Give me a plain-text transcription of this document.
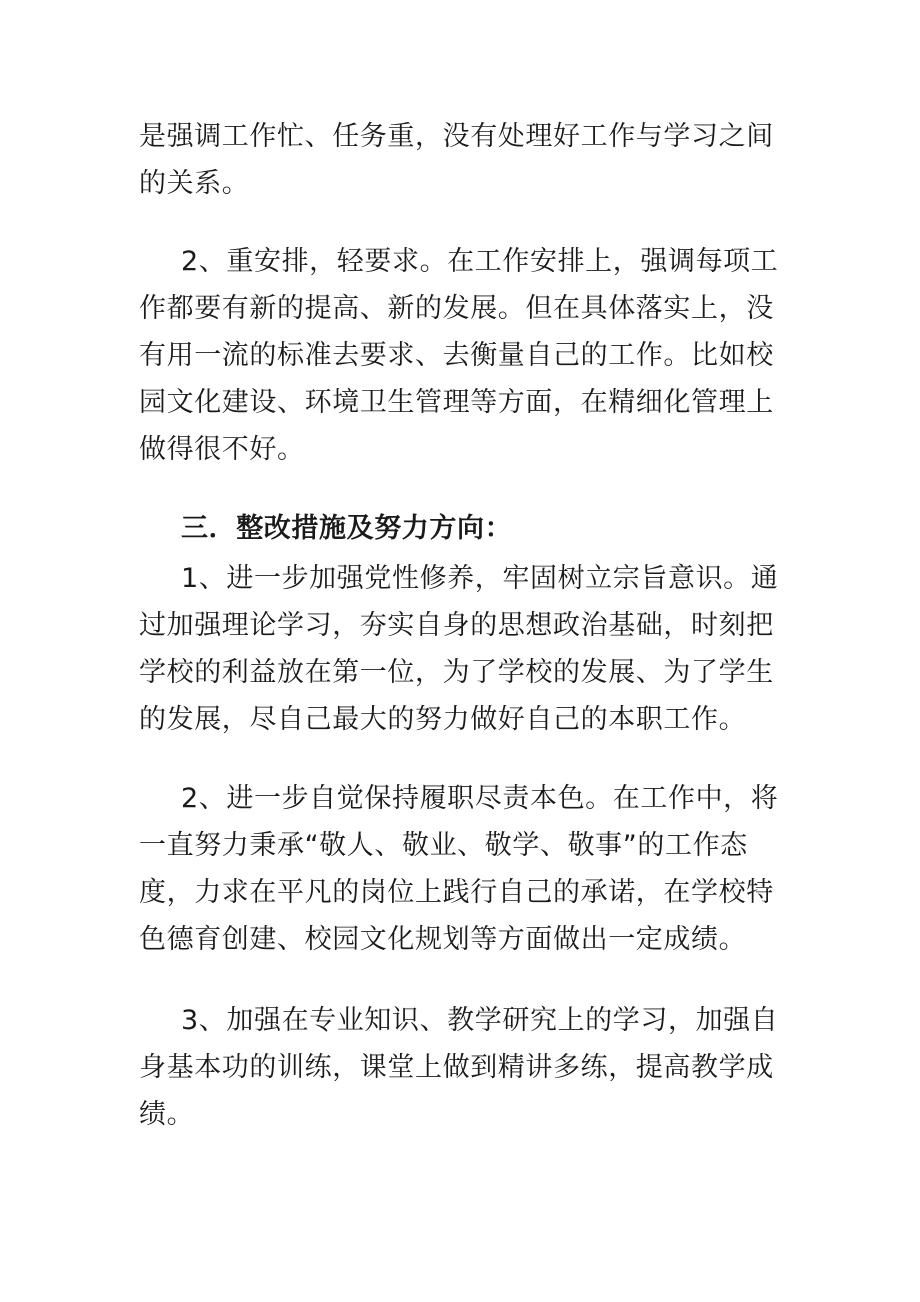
是强调工作忙、任务重，没有处理好工作与学习之间的关系。

2、重安排，轻要求。在工作安排上，强调每项工作都要有新的提高、新的发展。但在具体落实上，没有用一流的标准去要求、去衡量自己的工作。比如校园文化建设、环境卫生管理等方面，在精细化管理上做得很不好。

三．整改措施及努力方向：

1、进一步加强党性修养，牢固树立宗旨意识。通过加强理论学习，夯实自身的思想政治基础，时刻把学校的利益放在第一位，为了学校的发展、为了学生的发展，尽自己最大的努力做好自己的本职工作。

2、进一步自觉保持履职尽责本色。在工作中，将一直努力秉承“敬人、敬业、敬学、敬事”的工作态度，力求在平凡的岗位上践行自己的承诺，在学校特色德育创建、校园文化规划等方面做出一定成绩。

3、加强在专业知识、教学研究上的学习，加强自身基本功的训练，课堂上做到精讲多练，提高教学成绩。
